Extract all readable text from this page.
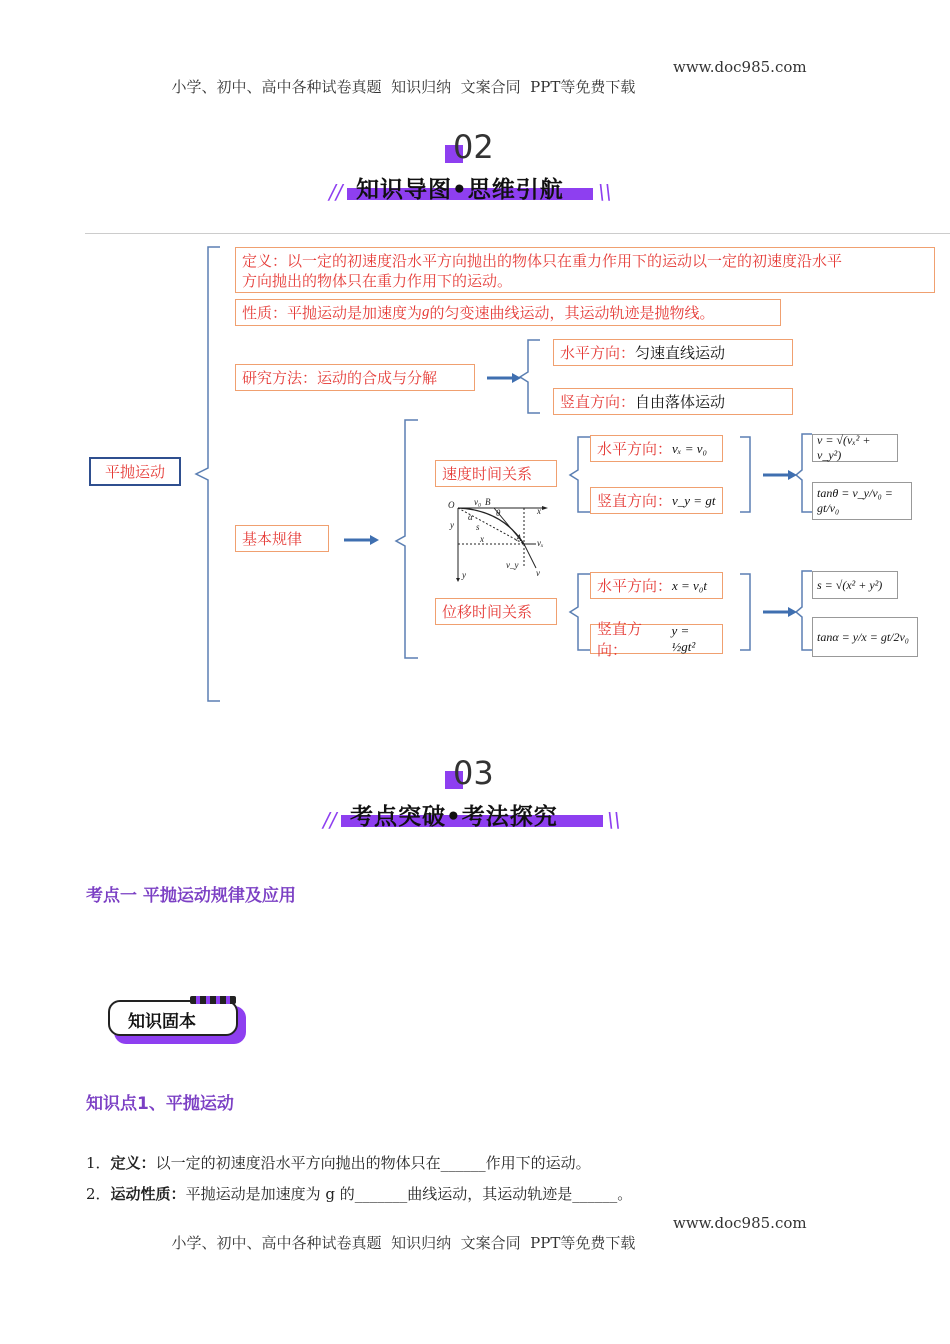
小学、初中、高中各种试卷真题  知识归纳  文案合同  PPT等免费下载

www.doc985.com
02
//	\\
知识导图•思维引航
平抛运动
定义：以一定的初速度沿水平方向抛出的物体只在重力作用下的运动以一定的初速度沿水平
方向抛出的物体只在重力作用下的运动。
性质： 平抛运动是加速度为 g 的匀变速曲线运动，其运动轨迹是抛物线。
研究方法：运动的合成与分解
水平方向： 匀速直线运动
竖直方向： 自由落体运动
基本规律
速度时间关系
位移时间关系
水平方向： vₓ = v₀
竖直方向： v_y = gt
水平方向： x = v₀t
竖直方向：
y = ½gt²
v = √(vₓ² + v_y²)
tanθ = v_y/v₀ = gt/v₀
s = √(x² + y²)
tanα = y/x = gt/2v₀
O v₀ B
x
y
α	θ
s
x	A vₓ
v_y
v
y
03
//	\\
考点突破•考法探究
考点一 平抛运动规律及应用
知识固本
知识点1、平抛运动
1．定义：以一定的初速度沿水平方向抛出的物体只在______作用下的运动。
2．运动性质：平抛运动是加速度为 g 的_______曲线运动，其运动轨迹是______。

小学、初中、高中各种试卷真题  知识归纳  文案合同  PPT等免费下载

www.doc985.com
